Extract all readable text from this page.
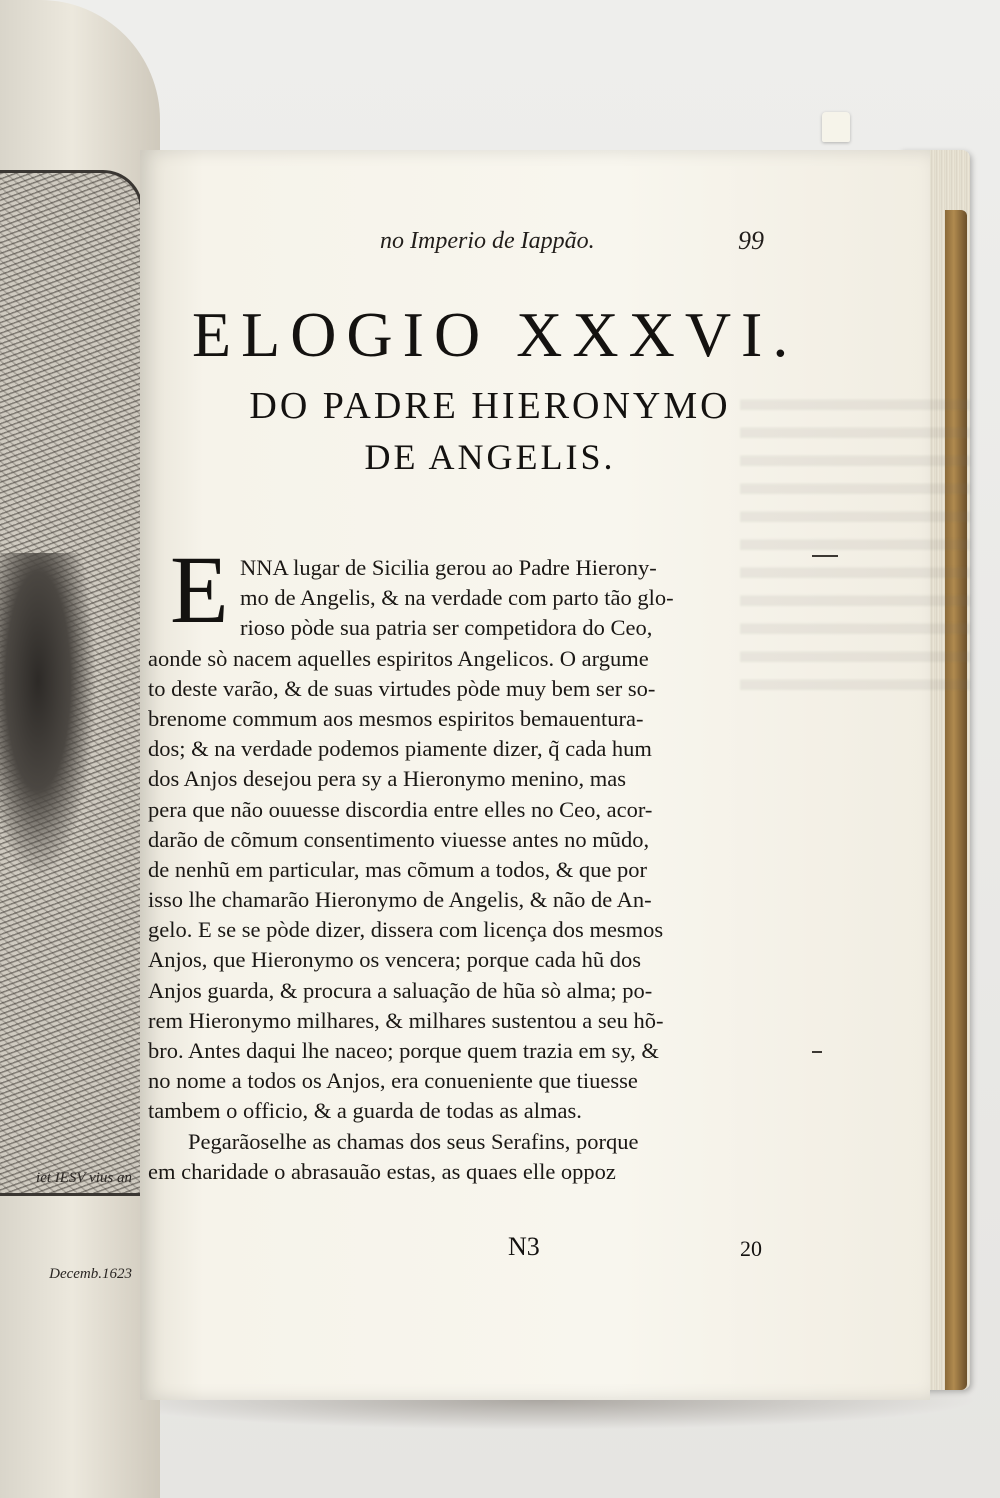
iet IESV vius an

Decemb.1623

no Imperio de Iappão.	99
ELOGIO XXXVI.
DO PADRE HIERONYMO
DE ANGELIS.
E NNA lugar de Sicilia gerou ao Padre Hierony-
mo de Angelis, & na verdade com parto tão glo-
rioso pòde sua patria ser competidora do Ceo,
aonde sò nacem aquelles espiritos Angelicos. O argume
to deste varão, & de suas virtudes pòde muy bem ser so-
brenome commum aos mesmos espiritos bemauentura-
dos; & na verdade podemos piamente dizer, q̃ cada hum
dos Anjos desejou pera sy a Hieronymo menino, mas
pera que não ouuesse discordia entre elles no Ceo, acor-
darão de cõmum consentimento viuesse antes no mũdo,
de nenhũ em particular, mas cõmum a todos, & que por
isso lhe chamarão Hieronymo de Angelis, & não de An-
gelo. E se se pòde dizer, dissera com licença dos mesmos
Anjos, que Hieronymo os vencera; porque cada hũ dos
Anjos guarda, & procura a saluação de hũa sò alma; po-
rem Hieronymo milhares, & milhares sustentou a seu hõ-
bro. Antes daqui lhe naceo; porque quem trazia em sy, &
no nome a todos os Anjos, era conueniente que tiuesse
tambem o officio, & a guarda de todas as almas.
Pegarãoselhe as chamas dos seus Serafins, porque
em charidade o abrasauão estas, as quaes elle oppoz
N3	20
